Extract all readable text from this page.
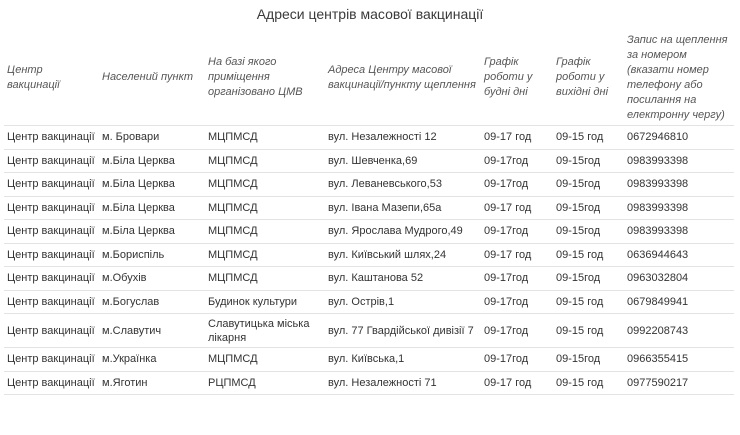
Адреси центрів масової вакцинації
Центр вакцинації	Населений пункт	На базі якого приміщення організовано ЦМВ	Адреса Центру масової вакцинації/пункту щеплення	Графік роботи у будні дні	Графік роботи у вихідні дні	Запис на щеплення за номером (вказати номер телефону або посилання на електронну чергу)
Центр вакцинації	м. Бровари	МЦПМСД	вул. Незалежності 12	09-17 год	09-15 год	0672946810
Центр вакцинації	м.Біла Церква	МЦПМСД	вул. Шевченка,69	09-17год	09-15год	0983993398
Центр вакцинації	м.Біла Церква	МЦПМСД	вул. Леваневського,53	09-17год	09-15год	0983993398
Центр вакцинації	м.Біла Церква	МЦПМСД	вул. Івана Мазепи,65а	09-17 год	09-15год	0983993398
Центр вакцинації	м.Біла Церква	МЦПМСД	вул. Ярослава Мудрого,49	09-17год	09-15год	0983993398
Центр вакцинації	м.Бориспіль	МЦПМСД	вул. Київський шлях,24	09-17 год	09-15 год	0636944643
Центр вакцинації	м.Обухів	МЦПМСД	вул. Каштанова 52	09-17год	09-15год	0963032804
Центр вакцинації	м.Богуслав	Будинок культури	вул. Острів,1	09-17год	09-15 год	0679849941
Центр вакцинації	м.Славутич	Славутицька міська лікарня	вул. 77 Гвардійської дивізії 7	09-17год	09-15 год	0992208743
Центр вакцинації	м.Українка	МЦПМСД	вул. Київська,1	09-17год	09-15год	0966355415
Центр вакцинації	м.Яготин	РЦПМСД	вул. Незалежності 71	09-17 год	09-15 год	0977590217
